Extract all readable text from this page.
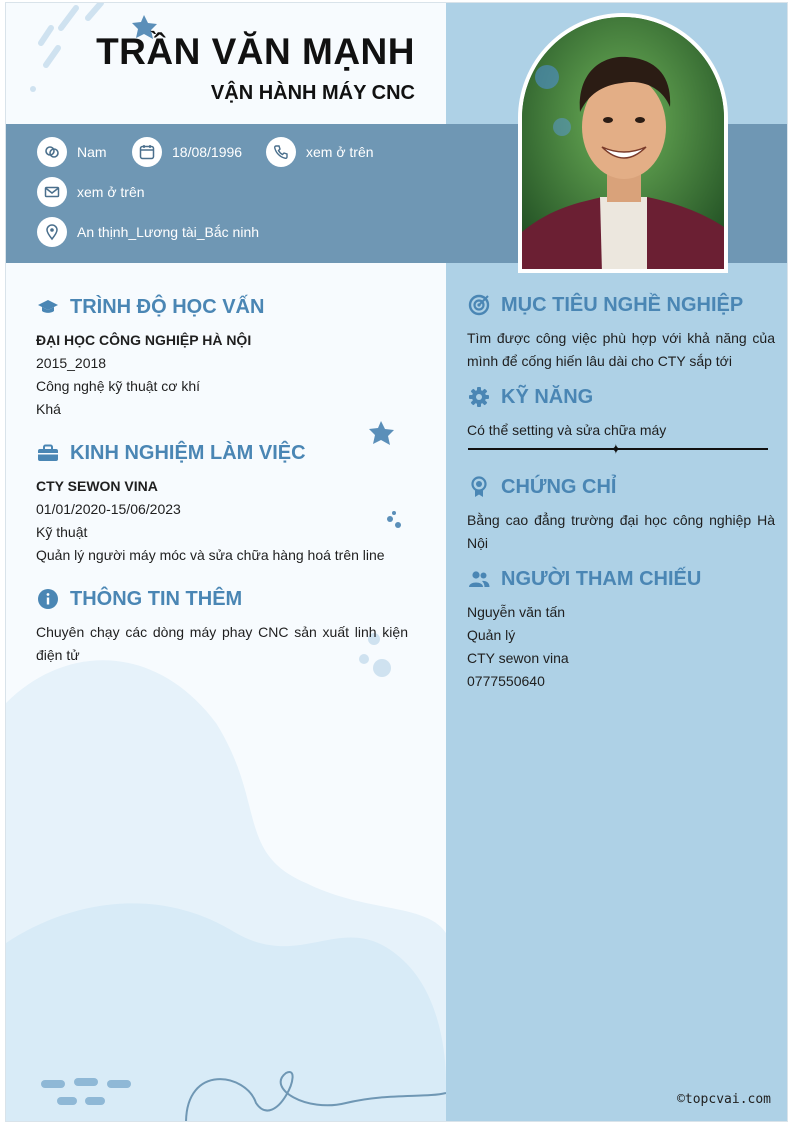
TRẦN VĂN MẠNH
VẬN HÀNH MÁY CNC
Nam	18/08/1996	xem ở trên
xem ở trên
An thịnh_Lương tài_Bắc ninh
TRÌNH ĐỘ HỌC VẤN
ĐẠI HỌC CÔNG NGHIỆP HÀ NỘI
2015_2018
Công nghệ kỹ thuật cơ khí
Khá
KINH NGHIỆM LÀM VIỆC
CTY SEWON VINA
01/01/2020-15/06/2023
Kỹ thuật
Quản lý người máy móc và sửa chữa hàng hoá trên line
THÔNG TIN THÊM
Chuyên chạy các dòng máy phay CNC sản xuất linh kiện điện tử
MỤC TIÊU NGHỀ NGHIỆP
Tìm được công việc phù hợp với khả năng của mình để cống hiến lâu dài cho CTY sắp tới
KỸ NĂNG
Có thể setting và sửa chữa máy
✦
CHỨNG CHỈ
Bằng cao đẳng trường đại học công nghiệp Hà Nội
NGƯỜI THAM CHIẾU
Nguyễn văn tấn
Quản lý
CTY sewon vina
0777550640
©topcvai.com
